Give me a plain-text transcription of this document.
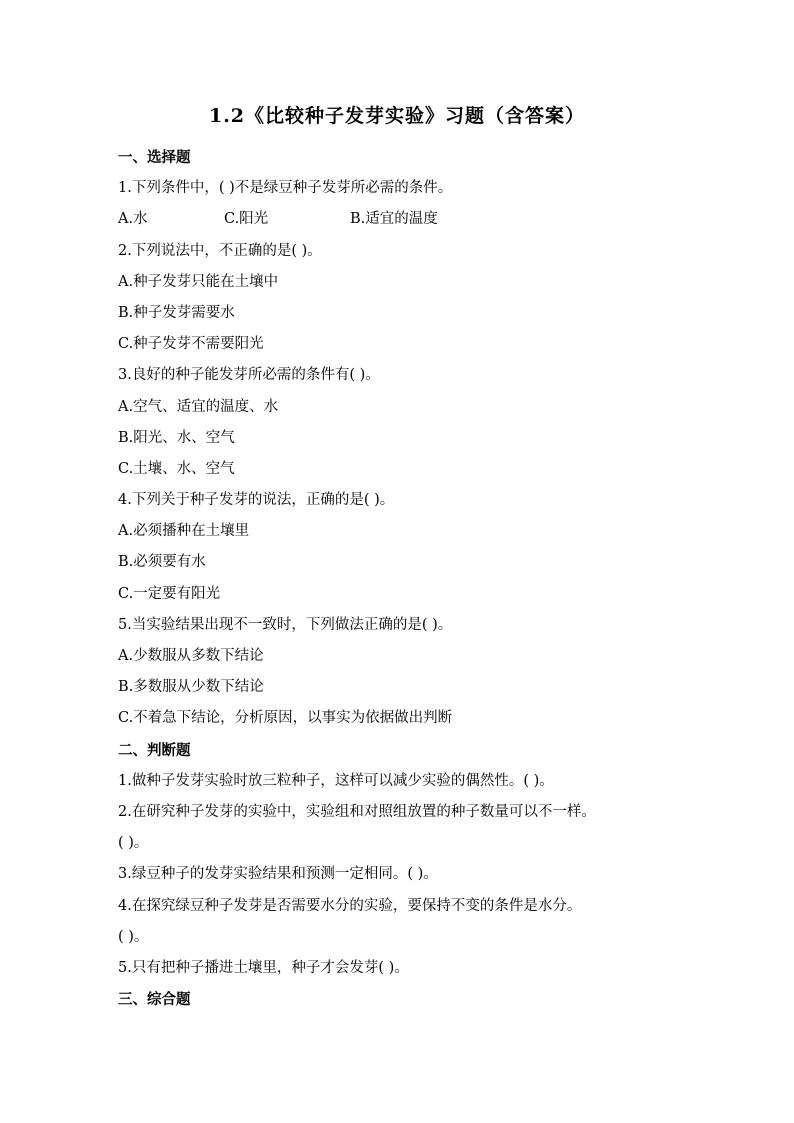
1.2《比较种子发芽实验》习题（含答案）
一、选择题
1.下列条件中，( )不是绿豆种子发芽所必需的条件。
A.水	C.阳光	B.适宜的温度
2.下列说法中，不正确的是( )。
A.种子发芽只能在土壤中
B.种子发芽需要水
C.种子发芽不需要阳光
3.良好的种子能发芽所必需的条件有( )。
A.空气、适宜的温度、水
B.阳光、水、空气
C.土壤、水、空气
4.下列关于种子发芽的说法，正确的是( )。
A.必须播种在土壤里
B.必须要有水
C.一定要有阳光
5.当实验结果出现不一致时，下列做法正确的是( )。
A.少数服从多数下结论
B.多数服从少数下结论
C.不着急下结论，分析原因，以事实为依据做出判断
二、判断题
1.做种子发芽实验时放三粒种子，这样可以减少实验的偶然性。( )。
2.在研究种子发芽的实验中，实验组和对照组放置的种子数量可以不一样。
( )。
3.绿豆种子的发芽实验结果和预测一定相同。( )。
4.在探究绿豆种子发芽是否需要水分的实验，要保持不变的条件是水分。
( )。
5.只有把种子播进土壤里，种子才会发芽( )。
三、综合题
